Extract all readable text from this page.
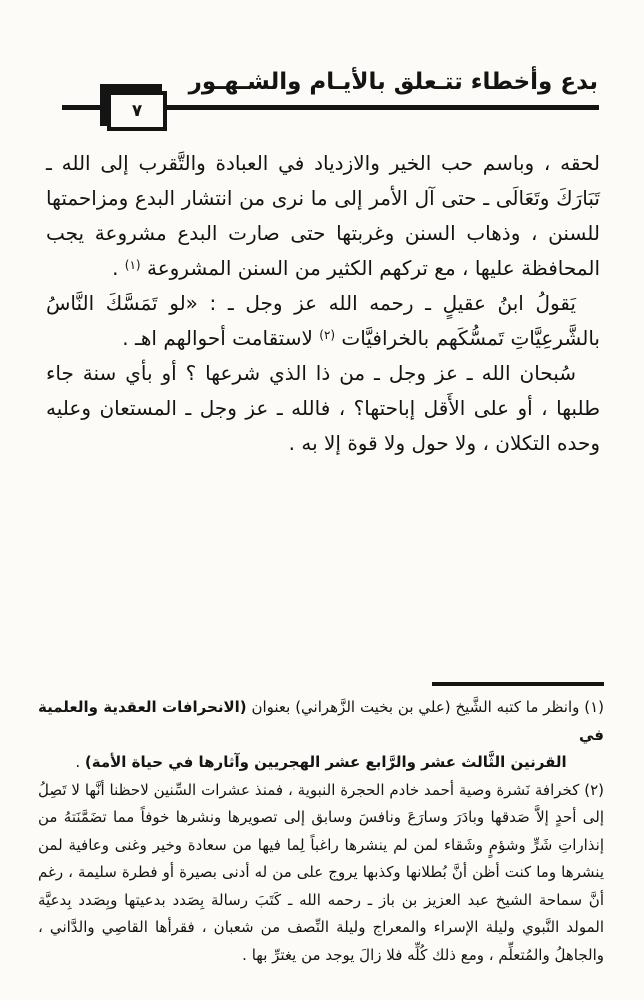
بدع وأخطاء تتـعلق بالأيـام والشـهـور
٧

لحقه ، وباسم حب الخير والازدياد في العبادة والتَّقرب إلى الله ـ تَبَارَكَ وتَعَالَى ـ حتى آل الأمر إلى ما نرى من انتشار البدع ومزاحمتها للسنن ، وذهاب السنن وغربتها حتى صارت البدع مشروعة يجب المحافظة عليها ، مع تركهم الكثير من السنن المشروعة $^{(١)}$ .

يَقولُ ابنُ عقيلٍ ـ رحمه الله عز وجل ـ : «لو تَمَسَّكَ النَّاسُ بالشَّرعِيَّاتِ تَمسُّكَهم بالخرافيَّات $^{(٢)}$ لاستقامت أحوالهم اهـ .

سُبحان الله ـ عز وجل ـ من ذا الذي شرعها ؟ أو بأي سنة جاء طلبها ، أو على الأَقل إباحتها؟ ، فالله ـ عز وجل ـ المستعان وعليه وحده التكلان ، ولا حول ولا قوة إلا به .

(١) وانظر ما كتبه الشَّيخ (علي بن بخيت الزَّهراني) بعنوان (الانحرافات العقدية والعلمية في
القرنين الثَّالث عشر والرَّابع عشر الهجريين وآثارها في حياة الأمة) .
(٢) كخرافة نَشرة وصية أحمد خادم الحجرة النبوية ، فمنذ عشرات السِّنين لاحظنا أنَّها لا تَصِلُ إلى أحدٍ إلاَّ صَدقها وبادَرَ وسارَعَ ونافسَ وسابق إلى تصويرها ونشرها خوفاً مما تضَمَّنَتهُ من إنذاراتِ شَرٍّ وشؤمٍ وشَقاء لمن لم ينشرها راغباً لِما فيها من سعادة وخير وغنى وعافية لمن ينشرها وما كنت أظن أنَّ بُطلانها وكذبها يروج على من له أدنى بصيرة أو فطرة سليمة ، رغم أنَّ سماحة الشيخ عبد العزيز بن باز ـ رحمه الله ـ كَتَبَ رسالة بِصَدد بدعيتها وبِصَدد بِدعيَّة المولد النَّبوي وليلة الإسراء والمعراج وليلة النِّصف من شعبان ، فقرأها القاصِي والدَّاني ، والجاهلُ والمُتعلِّم ، ومع ذلك كُلِّه فلا زالَ يوجد من يغترِّ بها .
